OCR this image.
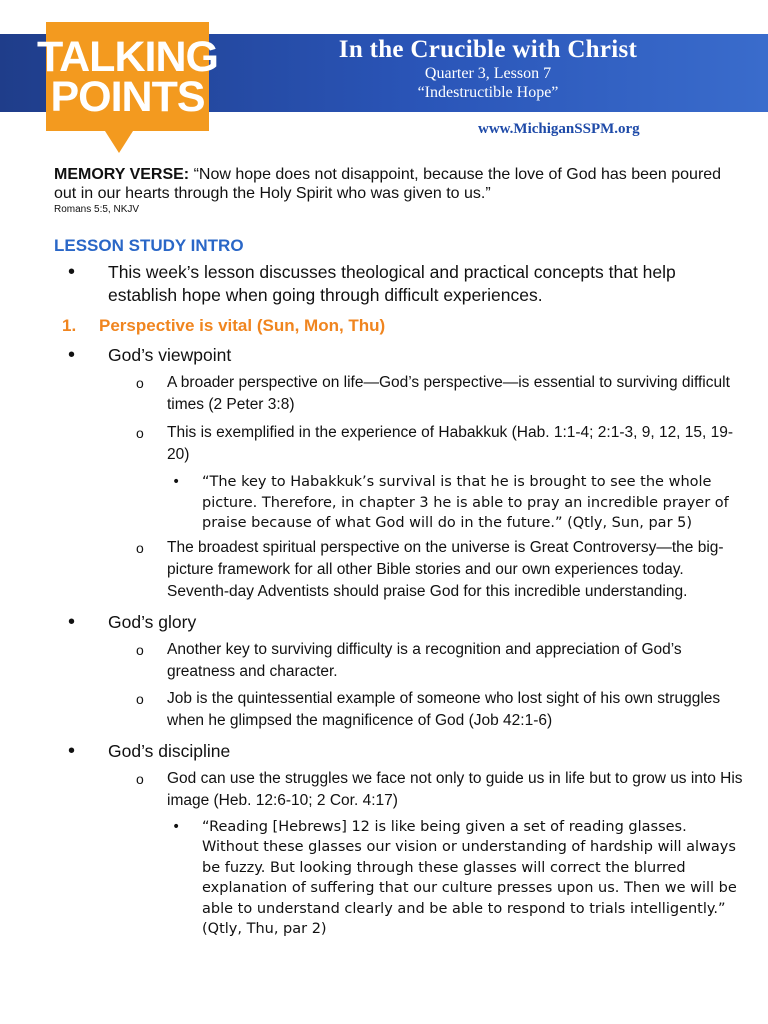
In the Crucible with Christ
Quarter 3, Lesson 7
“Indestructible Hope”
TALKING
POINTS
www.MichiganSSPM.org
MEMORY VERSE: “Now hope does not disappoint, because the love of God has been poured out in our hearts through the Holy Spirit who was given to us.”
Romans 5:5, NKJV
LESSON STUDY INTRO
• This week’s lesson discusses theological and practical concepts that help establish hope when going through difficult experiences.
1. Perspective is vital (Sun, Mon, Thu)
• God’s viewpoint
o A broader perspective on life—God’s perspective—is essential to surviving difficult times (2 Peter 3:8)
o This is exemplified in the experience of Habakkuk (Hab. 1:1-4; 2:1-3, 9, 12, 15, 19-20)
• “The key to Habakkuk’s survival is that he is brought to see the whole picture. Therefore, in chapter 3 he is able to pray an incredible prayer of praise because of what God will do in the future.” (Qtly, Sun, par 5)
o The broadest spiritual perspective on the universe is Great Controversy—the big-picture framework for all other Bible stories and our own experiences today. Seventh-day Adventists should praise God for this incredible understanding.
• God’s glory
o Another key to surviving difficulty is a recognition and appreciation of God’s greatness and character.
o Job is the quintessential example of someone who lost sight of his own struggles when he glimpsed the magnificence of God (Job 42:1-6)
• God’s discipline
o God can use the struggles we face not only to guide us in life but to grow us into His image (Heb. 12:6-10; 2 Cor. 4:17)
• “Reading [Hebrews] 12 is like being given a set of reading glasses. Without these glasses our vision or understanding of hardship will always be fuzzy. But looking through these glasses will correct the blurred explanation of suffering that our culture presses upon us. Then we will be able to understand clearly and be able to respond to trials intelligently.” (Qtly, Thu, par 2)
